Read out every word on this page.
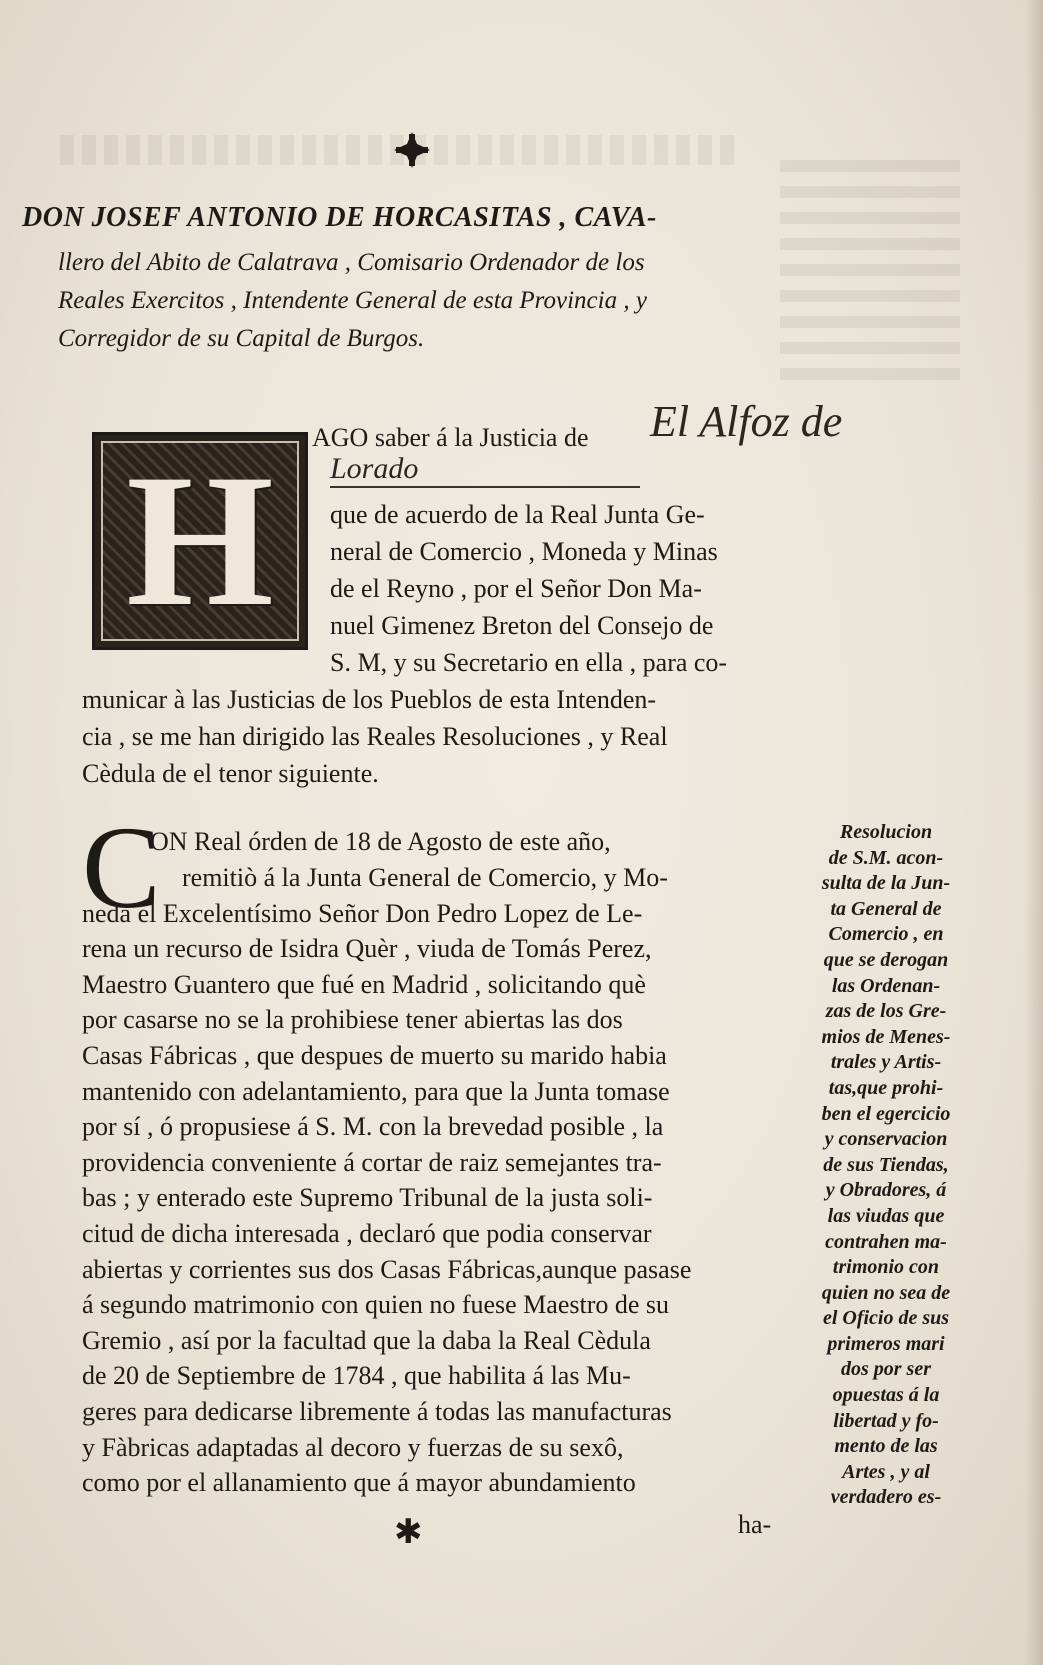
DON JOSEF ANTONIO DE HORCASITAS , CAVA-
llero del Abito de Calatrava , Comisario Ordenador de los
Reales Exercitos , Intendente General de esta Provincia , y
Corregidor de su Capital de Burgos.
H AGO saber á la Justicia de El Alfoz de
Lorado
que de acuerdo de la Real Junta Ge-
neral de Comercio , Moneda y Minas
de el Reyno , por el Señor Don Ma-
nuel Gimenez Breton del Consejo de
S. M, y su Secretario en ella , para co-
municar à las Justicias de los Pueblos de esta Intenden-
cia , se me han dirigido las Reales Resoluciones , y Real
Cèdula de el tenor siguiente.
C
ON Real órden de 18 de Agosto de este año,
remitiò á la Junta General de Comercio, y Mo-
neda el Excelentísimo Señor Don Pedro Lopez de Le-
rena un recurso de Isidra Quèr , viuda de Tomás Perez,
Maestro Guantero que fué en Madrid , solicitando què
por casarse no se la prohibiese tener abiertas las dos
Casas Fábricas , que despues de muerto su marido habia
mantenido con adelantamiento, para que la Junta tomase
por sí , ó propusiese á S. M. con la brevedad posible , la
providencia conveniente á cortar de raiz semejantes tra-
bas ; y enterado este Supremo Tribunal de la justa soli-
citud de dicha interesada , declaró que podia conservar
abiertas y corrientes sus dos Casas Fábricas,aunque pasase
á segundo matrimonio con quien no fuese Maestro de su
Gremio , así por la facultad que la daba la Real Cèdula
de 20 de Septiembre de 1784 , que habilita á las Mu-
geres para dedicarse libremente á todas las manufacturas
y Fàbricas adaptadas al decoro y fuerzas de su sexô,
como por el allanamiento que á mayor abundamiento
ha-
✱
Resolucion
de S.M. acon-
sulta de la Jun-
ta General de
Comercio , en
que se derogan
las Ordenan-
zas de los Gre-
mios de Menes-
trales y Artis-
tas,que prohi-
ben el egercicio
y conservacion
de sus Tiendas,
y Obradores, á
las viudas que
contrahen ma-
trimonio con
quien no sea de
el Oficio de sus
primeros mari
dos por ser
opuestas á la
libertad y fo-
mento de las
Artes , y al
verdadero es-
